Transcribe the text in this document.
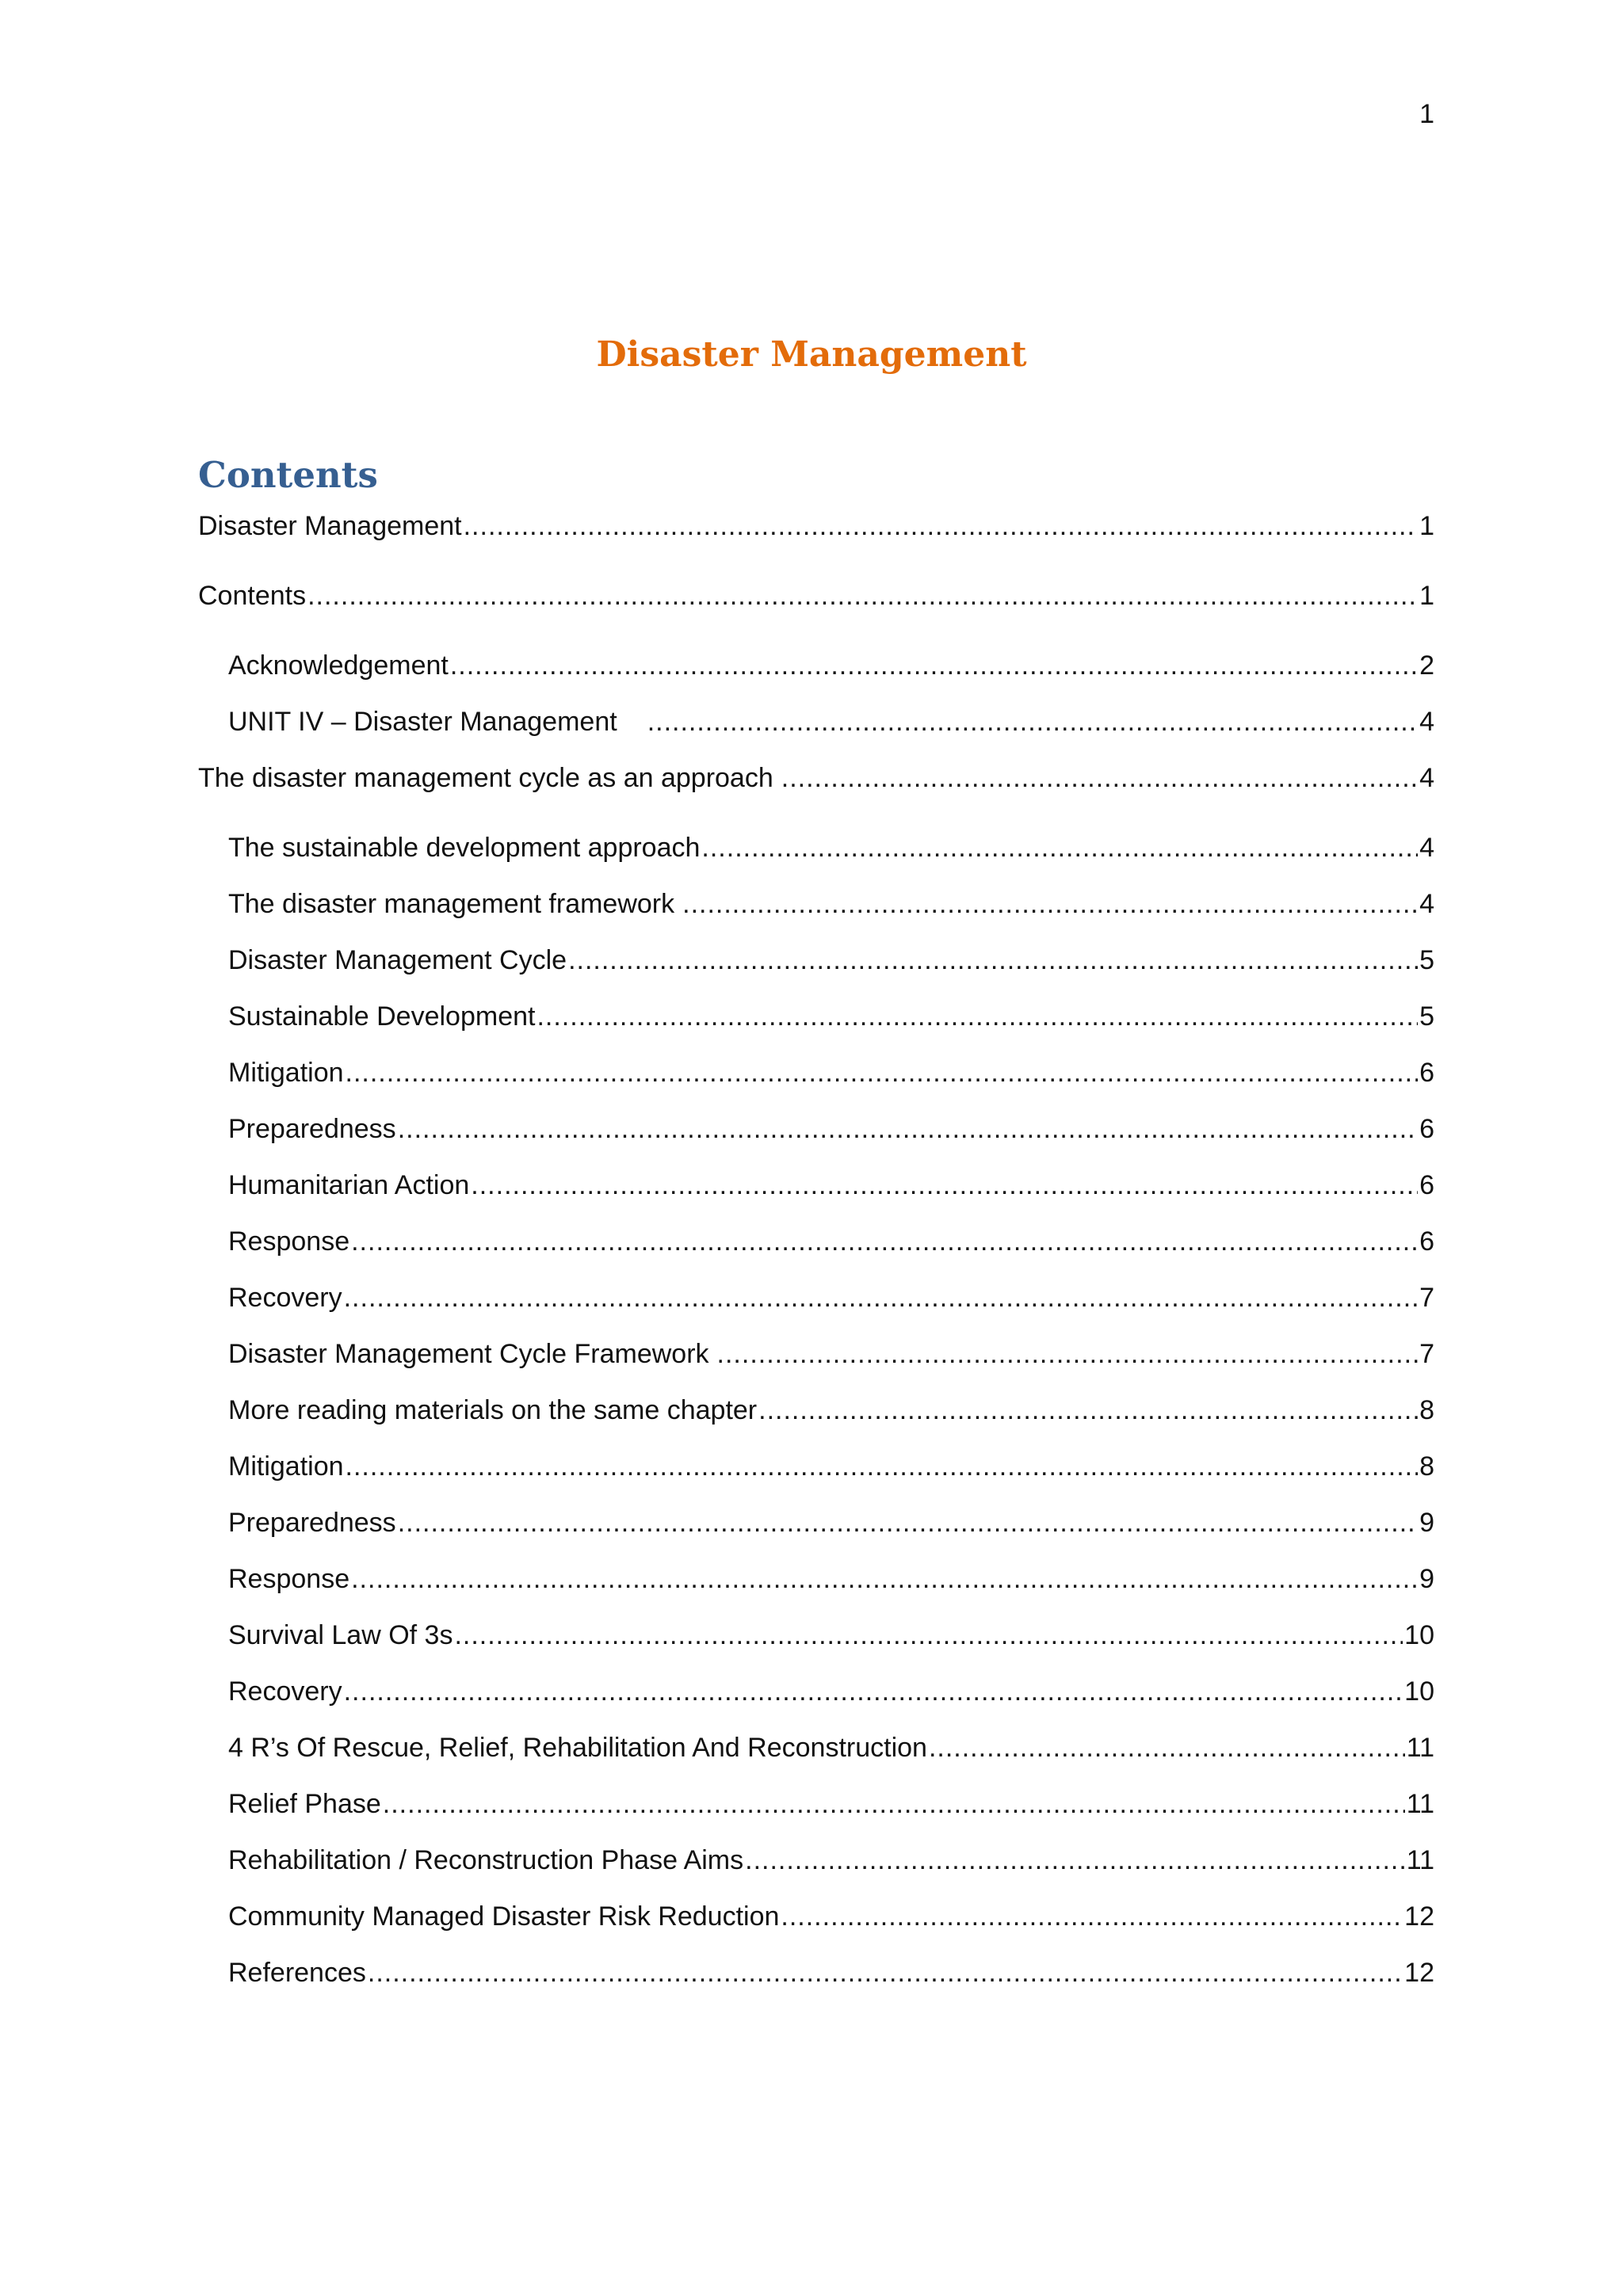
1
Disaster Management
Contents
Disaster Management .....	1
Contents .....	1
Acknowledgement .....	2
UNIT IV – Disaster Management .....	4
The disaster management cycle as an approach .....	4
The sustainable development approach .....	4
The disaster management framework .....	4
Disaster Management Cycle .....	5
Sustainable Development .....	5
Mitigation .....	6
Preparedness .....	6
Humanitarian Action .....	6
Response .....	6
Recovery .....	7
Disaster Management Cycle Framework .....	7
More reading materials on the same chapter .....	8
Mitigation .....	8
Preparedness .....	9
Response .....	9
Survival Law Of 3s .....	10
Recovery .....	10
4 R’s Of Rescue, Relief, Rehabilitation And Reconstruction .....	11
Relief Phase .....	11
Rehabilitation / Reconstruction Phase Aims .....	11
Community Managed Disaster Risk Reduction .....	12
References .....	12
